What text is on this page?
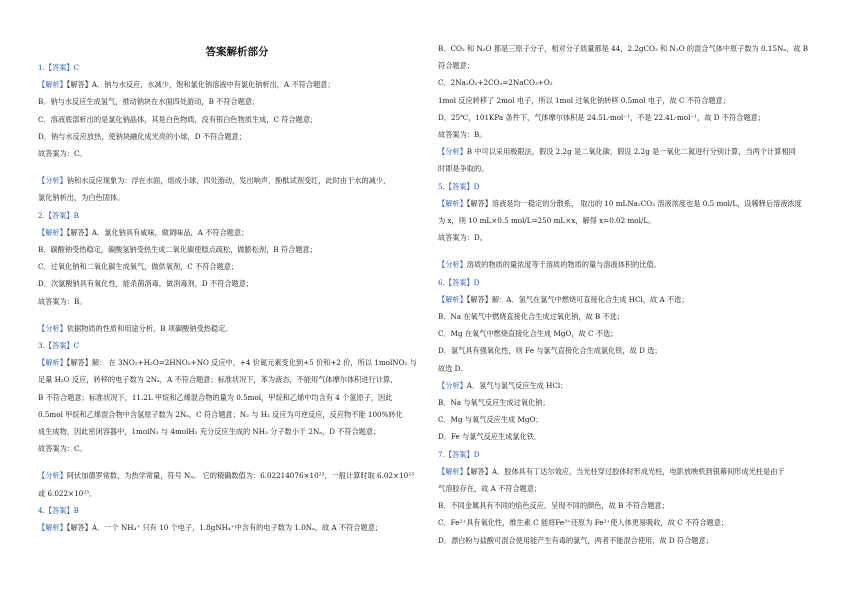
答案解析部分
1.【答案】C
【解析】【解答】A．钠与水反应，水减少，饱和氯化钠溶液中有氯化钠析出，A 不符合题意；
B．钠与水反应生成氢气，推动钠块在水面四处游动，B 不符合题意；
C．溶液底部析出的是氯化钠晶体，其是白色物质，没有银白色物质生成，C 符合题意；
D．钠与水反应放热，使钠块融化成光亮的小球，D 不符合题意；
故答案为：C。
【分析】钠和水反应现象为：浮在水面，熔成小球，四处游动，发出响声，酚酞试剂变红，此时由于水的减少，
氯化钠析出，为白色固体。
2.【答案】B
【解析】【解答】A．氯化钠具有咸味，做调味品，A 不符合题意；
B．碳酸钠受热稳定，碳酸氢钠受热生成二氧化碳使糕点疏松，做膨松剂，B 符合题意；
C．过氧化钠和二氧化碳生成氧气，做供氧剂，C 不符合题意；
D．次氯酸钠具有氧化性，能杀菌消毒，做消毒剂，D 不符合题意；
故答案为：B。
【分析】依据物质的性质和用途分析，B 项碳酸钠受热稳定。
3.【答案】C
【解析】【解答】解： 在 3NO₂+H₂O=2HNO₃+NO 反应中，+4 价氮元素变化到+5 价和+2 价，所以 1molNO₂ 与
足量 H₂O 反应，转移的电子数为 2Nₐ，A 不符合题意；标准状况下，苯为液态，不能用气体摩尔体积进行计算，
B 不符合题意；标准状况下，11.2L 甲烷和乙烯混合物的量为 0.5mol，甲烷和乙烯中均含有 4 个氢原子，因此
0.5mol 甲烷和乙烯混合物中含氢原子数为 2Nₐ，C 符合题意；N₂ 与 H₂ 反应为可逆反应，反应物不能 100%转化
成生成物，因此密闭容器中，1molN₂ 与 4molH₂ 充分反应生成的 NH₃ 分子数小于 2Nₐ，D 不符合题意；
故答案为：C。
【分析】阿伏加德罗常数，为热学常量，符号 Nₐ。 它的精确数值为：6.02214076×10²³，一般计算时取 6.02×10²³
或 6.022×10²³。
4.【答案】B
【解析】【解答】A．一个 NH₄⁺ 只有 10 个电子，1.8gNH₄⁺中含有的电子数为 1.0Nₐ，故 A 不符合题意；
B．CO₂ 和 N₂O 都是三原子分子，相对分子质量都是 44，2.2gCO₂ 和 N₂O 的混合气体中原子数为 0.15Nₐ，故 B
符合题意；
C．2Na₂O₂+2CO₂=2NaCO₃+O₂
1mol 反应转移了 2mol 电子，所以 1mol 过氧化钠转移 0.5mol 电子，故 C 不符合题意；
D．25℃，101KPa 条件下，气体摩尔体积是 24.5L·mol⁻¹，不是 22.4L·mol⁻¹，故 D 不符合题意；
故答案为：B。
【分析】B 中可以采用极限法，假设 2.2g 是二氧化碳，假设 2.2g 是一氧化二氮进行分别计算，当两个计算相同
时即是争取的。
5.【答案】D
【解析】【解答】溶液是均一稳定的分散系， 取出的 10 mLNa₂CO₃ 溶液浓度也是 0.5 mol/L，设稀释后溶液浓度
为 x，则 10 mL×0.5 mol/L=250 mL×x，解得 x=0.02 mol/L。
故答案为：D。
【分析】溶质的物质的量浓度等于溶质的物质的量与溶液体积的比值。
6.【答案】D
【解析】【解答】解：A．氢气在氯气中燃烧可直接化合生成 HCl，故 A 不选；
B．Na 在氧气中燃烧直接化合生成过氧化钠，故 B 不选；
C．Mg 在氧气中燃烧直接化合生成 MgO，故 C 不选；
D．氯气具有强氧化性，则 Fe 与氯气直接化合生成氯化铁，故 D 选；
故选 D.
【分析】A．氢气与氯气反应生成 HCl；
B．Na 与氧气反应生成过氧化钠；
C．Mg 与氧气反应生成 MgO；
D．Fe 与氯气反应生成氯化铁．
7.【答案】D
【解析】【解答】A．胶体具有丁达尔效应，当光柱穿过胶体时形成光柱，电影放映机到银幕间形成光柱是由于
气溶胶存在，故 A 不符合题意；
B．不同金属具有不同的焰色反应，呈现不同的颜色，故 B 不符合题意；
C．Fe²⁺具有氧化性，维生素 C 能将Fe³⁺还原为 Fe²⁺使人体更易吸收，故 C 不符合题意；
D．漂白粉与盐酸可混合使用能产生有毒的氯气，两者不能混合使用，故 D 符合题意；
